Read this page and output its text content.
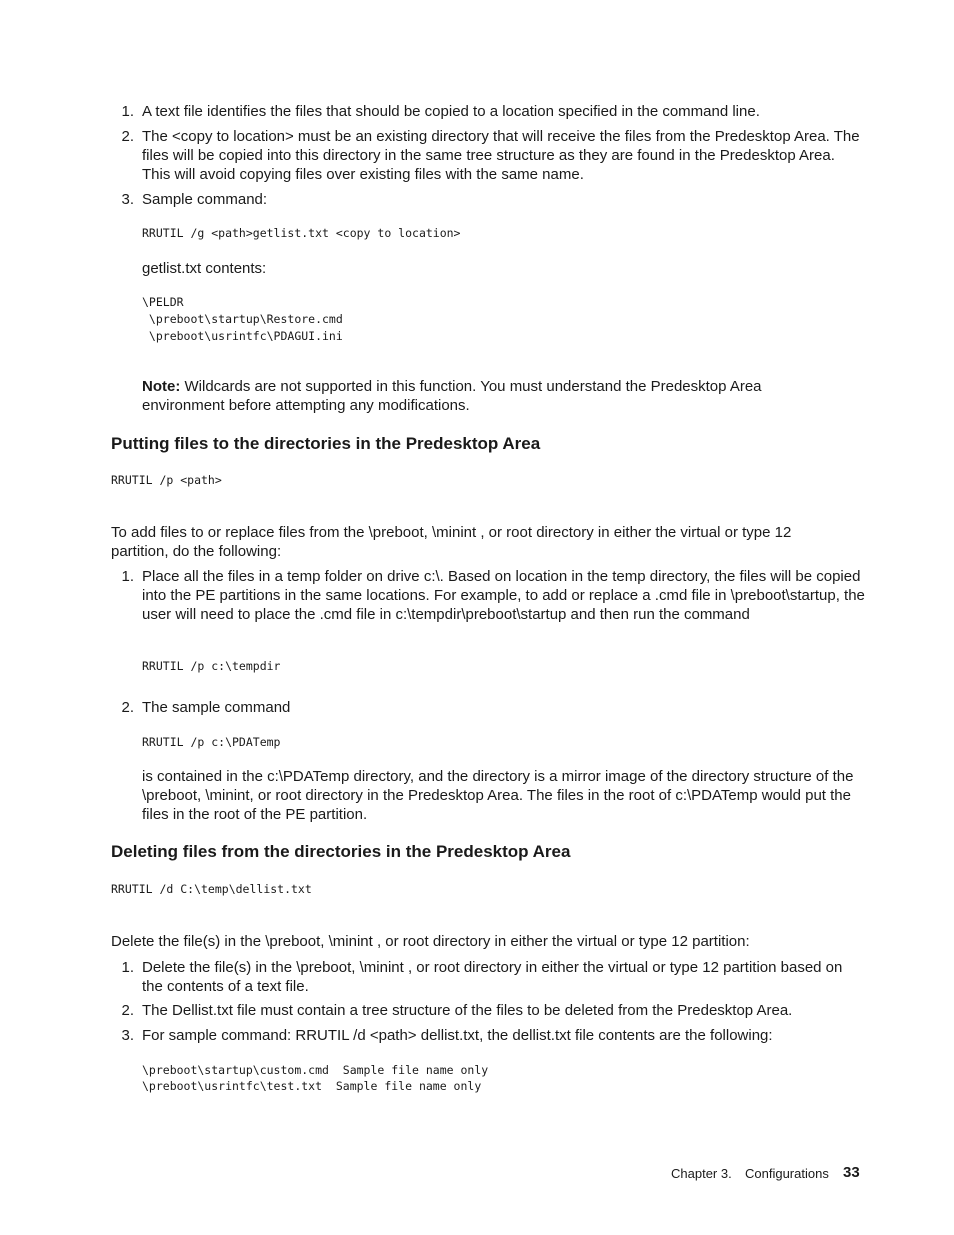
1. A text file identifies the files that should be copied to a location specified in the command line.
2. The <copy to location> must be an existing directory that will receive the files from the Predesktop Area. The files will be copied into this directory in the same tree structure as they are found in the Predesktop Area. This will avoid copying files over existing files with the same name.
3. Sample command:
RRUTIL /g <path>getlist.txt <copy to location>
getlist.txt contents:
\PELDR
\preboot\startup\Restore.cmd
\preboot\usrintfc\PDAGUI.ini
Note: Wildcards are not supported in this function. You must understand the Predesktop Area environment before attempting any modifications.
Putting files to the directories in the Predesktop Area
RRUTIL /p <path>
To add files to or replace files from the \preboot, \minint , or root directory in either the virtual or type 12 partition, do the following:
1. Place all the files in a temp folder on drive c:\. Based on location in the temp directory, the files will be copied into the PE partitions in the same locations. For example, to add or replace a .cmd file in \preboot\startup, the user will need to place the .cmd file in c:\tempdir\preboot\startup and then run the command
RRUTIL /p c:\tempdir
2. The sample command
RRUTIL /p c:\PDATemp
is contained in the c:\PDATemp directory, and the directory is a mirror image of the directory structure of the \preboot, \minint, or root directory in the Predesktop Area. The files in the root of c:\PDATemp would put the files in the root of the PE partition.
Deleting files from the directories in the Predesktop Area
RRUTIL /d C:\temp\dellist.txt
Delete the file(s) in the \preboot, \minint , or root directory in either the virtual or type 12 partition:
1. Delete the file(s) in the \preboot, \minint , or root directory in either the virtual or type 12 partition based on the contents of a text file.
2. The Dellist.txt file must contain a tree structure of the files to be deleted from the Predesktop Area.
3. For sample command: RRUTIL /d <path> dellist.txt, the dellist.txt file contents are the following:
\preboot\startup\custom.cmd  Sample file name only
\preboot\usrintfc\test.txt  Sample file name only
Chapter 3. Configurations 33
